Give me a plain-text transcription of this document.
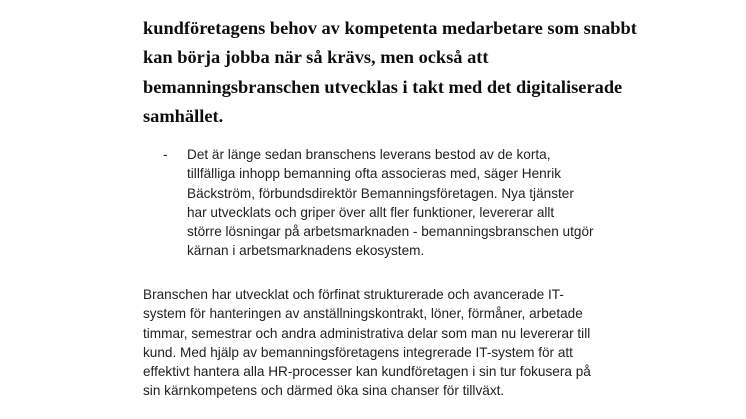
kundföretagens behov av kompetenta medarbetare som snabbt
kan börja jobba när så krävs, men också att
bemanningsbranschen utvecklas i takt med det digitaliserade
samhället.

- Det är länge sedan branschens leverans bestod av de korta,
tillfälliga inhopp bemanning ofta associeras med, säger Henrik
Bäckström, förbundsdirektör Bemanningsföretagen. Nya tjänster
har utvecklats och griper över allt fler funktioner, levererar allt
större lösningar på arbetsmarknaden - bemanningsbranschen utgör
kärnan i arbetsmarknadens ekosystem.

Branschen har utvecklat och förfinat strukturerade och avancerade IT-
system för hanteringen av anställningskontrakt, löner, förmåner, arbetade
timmar, semestrar och andra administrativa delar som man nu levererar till
kund. Med hjälp av bemanningsföretagens integrerade IT-system för att
effektivt hantera alla HR-processer kan kundföretagen i sin tur fokusera på
sin kärnkompetens och därmed öka sina chanser för tillväxt.
